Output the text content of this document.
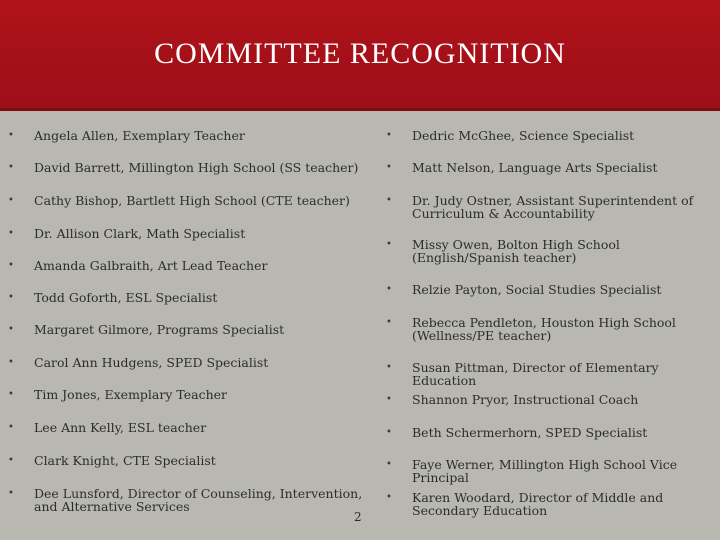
COMMITTEE RECOGNITION
• Angela Allen, Exemplary Teacher
• David Barrett, Millington High School (SS teacher)
• Cathy Bishop, Bartlett High School (CTE teacher)
• Dr. Allison Clark, Math Specialist
• Amanda Galbraith, Art Lead Teacher
• Todd Goforth, ESL Specialist
• Margaret Gilmore, Programs Specialist
• Carol Ann Hudgens, SPED Specialist
• Tim Jones, Exemplary Teacher
• Lee Ann Kelly, ESL teacher
• Clark Knight, CTE Specialist
• Dee Lunsford, Director of Counseling, Intervention, and Alternative Services
• Dedric McGhee, Science Specialist
• Matt Nelson, Language Arts Specialist
• Dr. Judy Ostner, Assistant Superintendent of Curriculum & Accountability
• Missy Owen, Bolton High School (English/Spanish teacher)
• Relzie Payton, Social Studies Specialist
• Rebecca Pendleton, Houston High School (Wellness/PE teacher)
• Susan Pittman, Director of Elementary Education
• Shannon Pryor, Instructional Coach
• Beth Schermerhorn, SPED Specialist
• Faye Werner, Millington High School Vice Principal
• Karen Woodard, Director of Middle and Secondary Education
2
